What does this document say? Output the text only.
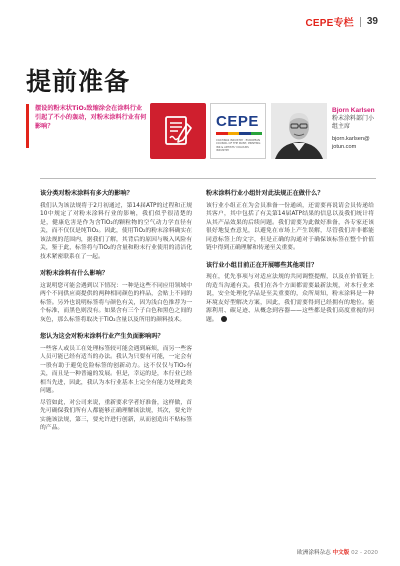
CEPE专栏 39
提前准备

摆设的粉末状TiO₂致缩涂会在涂料行业引起了不小的轰动，对粉末涂料行业有何影响？	CEPE
COATINGS INDUSTRY · EUROPEAN COUNCIL OF THE PAINT, PRINTING INK & ARTISTS' COLOURS INDUSTRY
Bjorn Karlsen
粉末涂料部门小
组主席
bjorn.karlsen@
jotun.com

该分类对粉末涂料有多大的影响？

我们认为该法规将于2月初通过，第14届ATP的过程和正规10中规定了对粉末涂料行业的影响，我们似乎很清楚的是，健康危害是作为含TiO₂的颗粒物的空气动力学直径有关，而不仅仅是纯TiO₂。因此，使用TiO₂的粉末涂料确实在该法规的范围内，据我们了解，其背后的原因与吸入风险有关，鉴于此，标签将与TiO₂的含量和粉末行业使用的清洁化技术紧密联系在了一起。

对粉末涂料有什么影响？

这说明您可能会遇到以下情况：一种是这些不同应用领域中两个不同供应商提供的两种相同颜色的样品，会贴上不同的标签。另外也说明标签将与颜色有关，因为浅白色推荐为一个标准，而黑色则没有。如果含有三个子白色和黑色之间的灰色，那么标签将取决于TiO₂含量以及所用的颜料技术。

您认为这会对粉末涂料行业产生负面影响吗？

一些客人或员工在处理标签较可能会遇到麻烦，而另一些客人员可能已经有适当的办法。我认为只要有可能，一定会有一股有助于避免危险标签的创新动力。这不仅仅与TiO₂有关，而且是一种普遍的发展。但是，幸运的是，本行业已经相当先进，因此，我认为本行业基本上完全有能力处理此类问题。

尽管如此，对公司来说，重新要求学者好准备，这样做，首先可确保我们所有人都能够正确理解该法规，其次，要允许实施该法规，第三，要允许进行创新，从而创造出不贴标签的产品。

粉末涂料行业小组针对此法规正在做什么？

该行业小组正在为会员准备一份通函，还需要再说请会员传递给其客户，其中包括了有关第14届ATP结果的信息以及我们统计将从其产品效果的后续问题。我们需要为此做好准备，各专家还该很好地复查意见，以避免在市场上产生误解，尽管我们并非都能同意标签上的文字，但是正确的沟通对于确保该标签在整个价值链中得到正确理解和传递至关重要。

该行业小组目前正在开展哪些其他项目？

现在，优先事项与对适应法规的共同调整提醒，以及在价值链上的造当沟通有关。我们在各个方面都需要最新法规，对本行业来说，安全处理化学品是至关重要的，众所周知，粉末涂料是一种环境友好型解决方案，因此，我们需要得到已经拥有的地位。能源利用、碳足迹、从概念到容器——这些都是我们高度重视的问题。

欧洲涂料杂志 中文版 02 - 2020
